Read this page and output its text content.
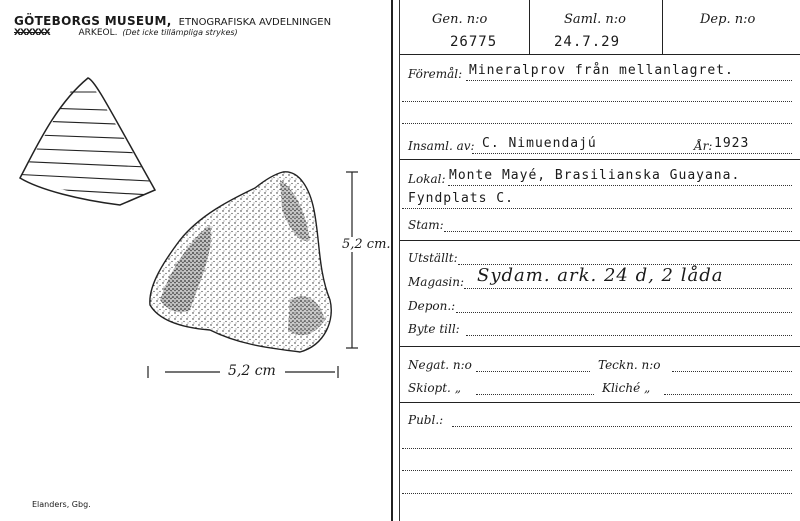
GÖTEBORGS MUSEUM, ETNOGRAFISKA AVDELNINGEN
XXXXXX	ARKEOL. (Det icke tillämpliga strykes)
5,2 cm
5,2 cm.
Elanders, Gbg.
Gen. n:o
26775
Saml. n:o
24.7.29
Dep. n:o
Föremål: Mineralprov från mellanlagret.
Insaml. av: C. Nimuendajú	År: 1923
Lokal: Monte Mayé, Brasilianska Guayana.
Fyndplats C.
Stam:
Utställt:
Magasin: Sydam. ark. 24 d, 2 låda
Depon.:
Byte till:
Negat. n:o	Teckn. n:o
Skiopt. „	Kliché „
Publ.:
